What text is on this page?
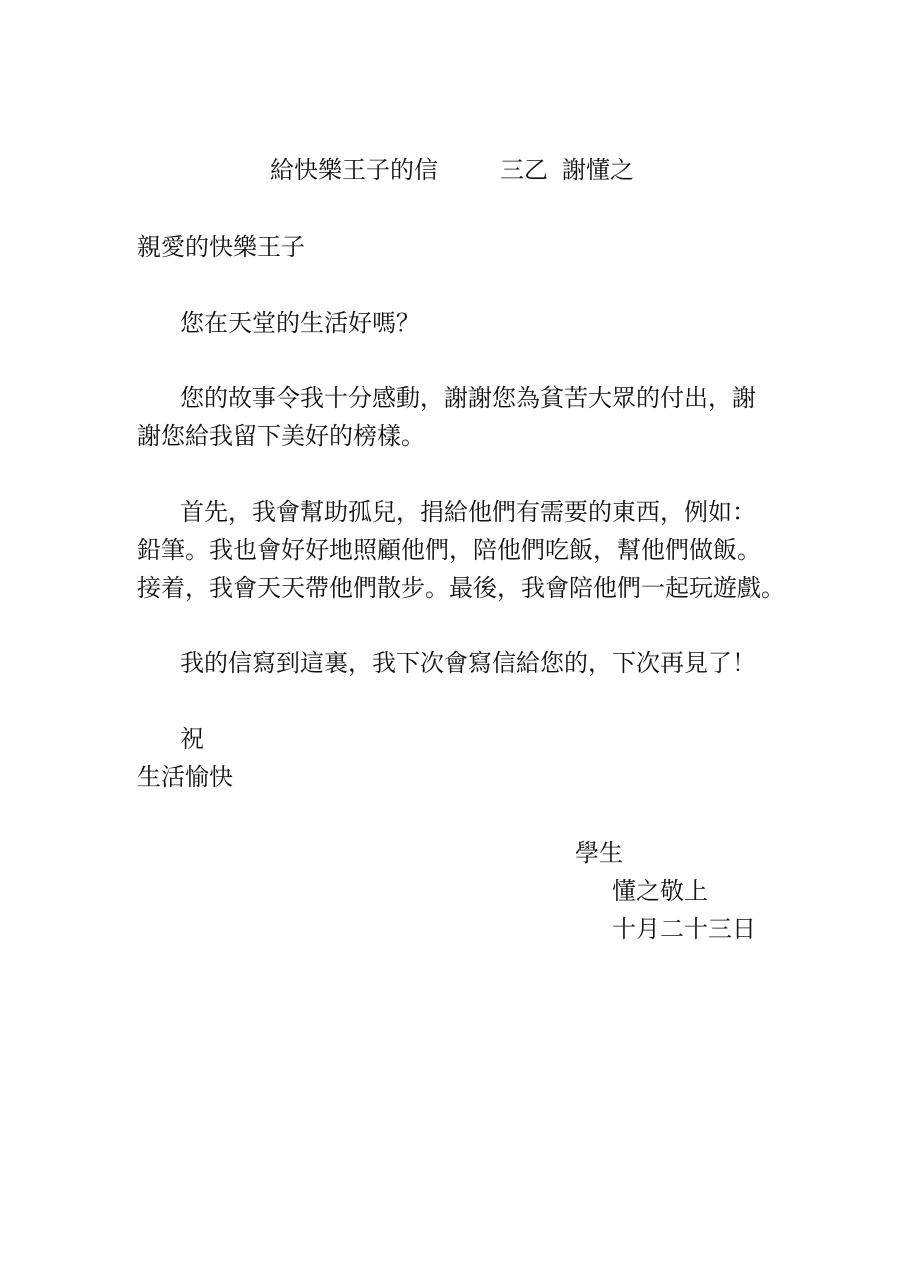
給快樂王子的信	三乙 謝懂之

親愛的快樂王子

您在天堂的生活好嗎？

您的故事令我十分感動，謝謝您為貧苦大眾的付出，謝

謝您給我留下美好的榜樣。

首先，我會幫助孤兒，捐給他們有需要的東西，例如：

鉛筆。我也會好好地照顧他們，陪他們吃飯，幫他們做飯。

接着，我會天天帶他們散步。最後，我會陪他們一起玩遊戲。

我的信寫到這裏，我下次會寫信給您的，下次再見了！

祝

生活愉快

學生

懂之敬上

十月二十三日
